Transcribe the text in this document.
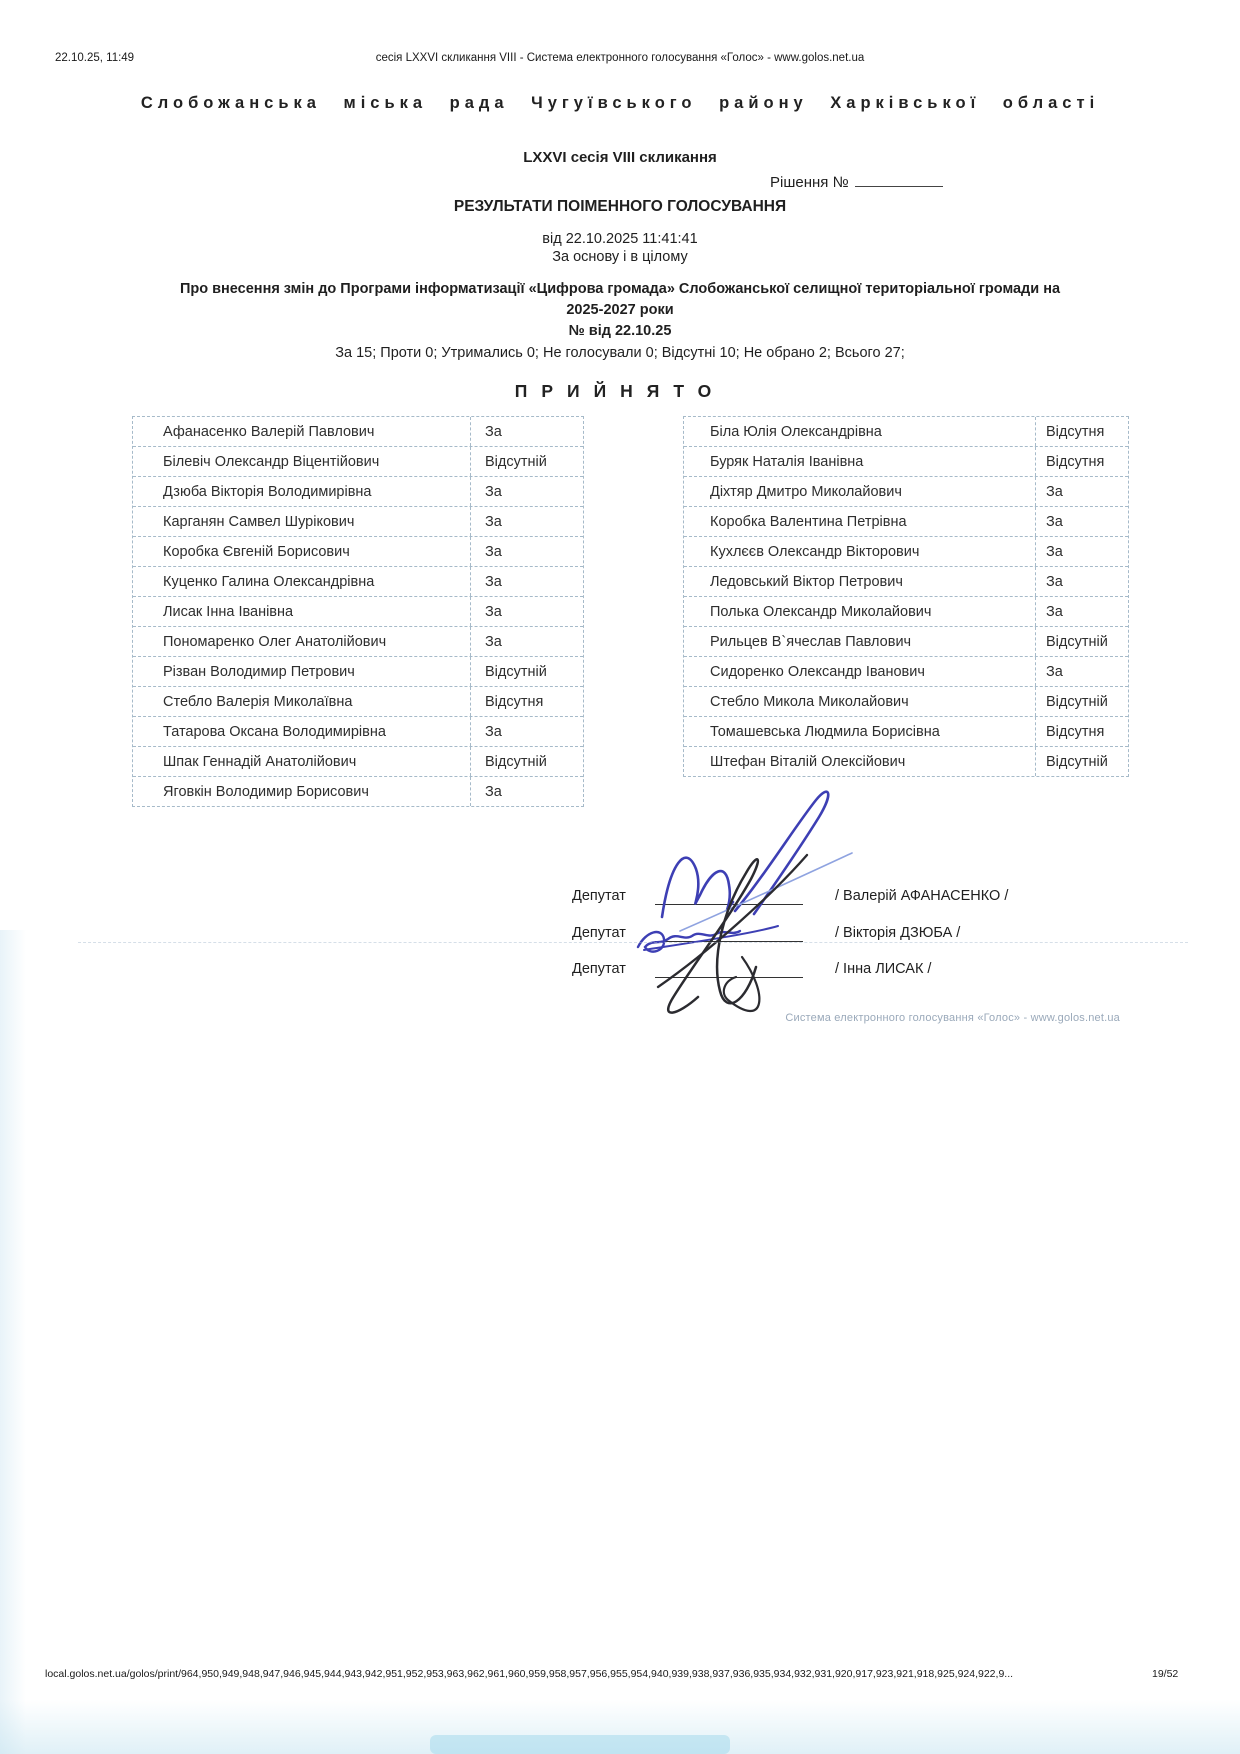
22.10.25, 11:49	сесія LXXVI скликання VIII - Система електронного голосування «Голос» - www.golos.net.ua
Слобожанська міська рада Чугуївського району Харківської області
LXXVI сесія VIII скликання
Рішення №
РЕЗУЛЬТАТИ ПОІМЕННОГО ГОЛОСУВАННЯ
від 22.10.2025 11:41:41
За основу і в цілому
Про внесення змін до Програми інформатизації «Цифрова громада» Слобожанської селищної територіальної громади на
2025-2027 роки
№ від 22.10.25
За 15; Проти 0; Утримались 0; Не голосували 0; Відсутні 10; Не обрано 2; Всього 27;
ПРИЙНЯТО
Афанасенко Валерій Павлович	За
Білевіч Олександр Віцентійович	Відсутній
Дзюба Вікторія Володимирівна	За
Карганян Самвел Шурікович	За
Коробка Євгеній Борисович	За
Куценко Галина Олександрівна	За
Лисак Інна Іванівна	За
Пономаренко Олег Анатолійович	За
Різван Володимир Петрович	Відсутній
Стебло Валерія Миколаївна	Відсутня
Татарова Оксана Володимирівна	За
Шпак Геннадій Анатолійович	Відсутній
Яговкін Володимир Борисович	За
Біла Юлія Олександрівна	Відсутня
Буряк Наталія Іванівна	Відсутня
Діхтяр Дмитро Миколайович	За
Коробка Валентина Петрівна	За
Кухлєєв Олександр Вікторович	За
Ледовський Віктор Петрович	За
Полька Олександр Миколайович	За
Рильцев В`ячеслав Павлович	Відсутній
Сидоренко Олександр Іванович	За
Стебло Микола Миколайович	Відсутній
Томашевська Людмила Борисівна	Відсутня
Штефан Віталій Олексійович	Відсутній
Депутат	/ Валерій АФАНАСЕНКО /
Депутат	/ Вікторія ДЗЮБА /
Депутат	/ Інна ЛИСАК /
Система електронного голосування «Голос» - www.golos.net.ua
local.golos.net.ua/golos/print/964,950,949,948,947,946,945,944,943,942,951,952,953,963,962,961,960,959,958,957,956,955,954,940,939,938,937,936,935,934,932,931,920,917,923,921,918,925,924,922,9...	19/52
